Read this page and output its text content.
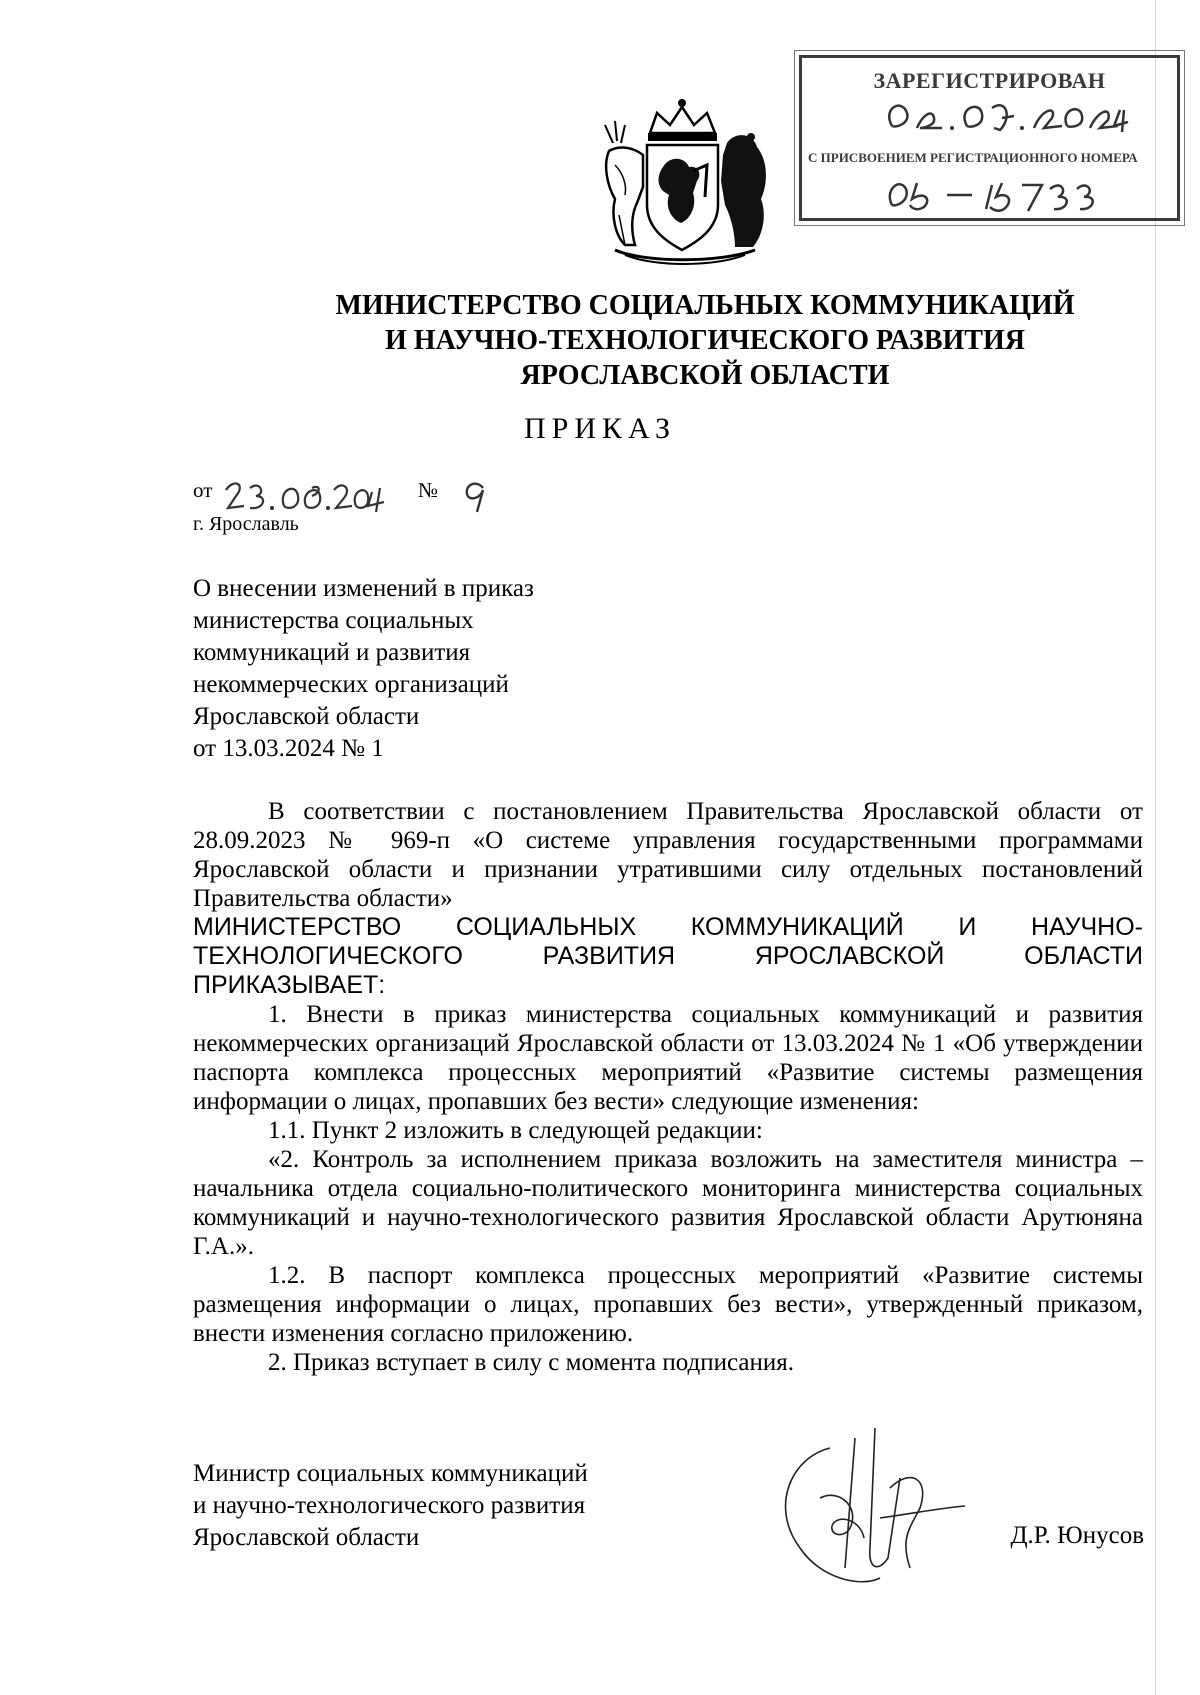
ЗАРЕГИСТРИРОВАН
С ПРИСВОЕНИЕМ РЕГИСТРАЦИОННОГО НОМЕРА
МИНИСТЕРСТВО СОЦИАЛЬНЫХ КОММУНИКАЦИЙ
И НАУЧНО-ТЕХНОЛОГИЧЕСКОГО РАЗВИТИЯ
ЯРОСЛАВСКОЙ ОБЛАСТИ
ПРИКАЗ
от	№
г. Ярославль
О внесении изменений в приказ
министерства социальных
коммуникаций и развития
некоммерческих организаций
Ярославской области
от 13.03.2024 № 1

В соответствии с постановлением Правительства Ярославской области от 28.09.2023 № 969-п «О системе управления государственными программами Ярославской области и признании утратившими силу отдельных постановлений Правительства области»

МИНИСТЕРСТВО СОЦИАЛЬНЫХ КОММУНИКАЦИЙ И НАУЧНО-

ТЕХНОЛОГИЧЕСКОГО РАЗВИТИЯ ЯРОСЛАВСКОЙ ОБЛАСТИ

ПРИКАЗЫВАЕТ:

1. Внести в приказ министерства социальных коммуникаций и развития некоммерческих организаций Ярославской области от 13.03.2024 № 1 «Об утверждении паспорта комплекса процессных мероприятий «Развитие системы размещения информации о лицах, пропавших без вести» следующие изменения:

1.1. Пункт 2 изложить в следующей редакции:

«2. Контроль за исполнением приказа возложить на заместителя министра – начальника отдела социально-политического мониторинга министерства социальных коммуникаций и научно-технологического развития Ярославской области Арутюняна Г.А.».

1.2. В паспорт комплекса процессных мероприятий «Развитие системы размещения информации о лицах, пропавших без вести», утвержденный приказом, внести изменения согласно приложению.

2. Приказ вступает в силу с момента подписания.

Министр социальных коммуникаций
и научно-технологического развития
Ярославской области	Д.Р. Юнусов
